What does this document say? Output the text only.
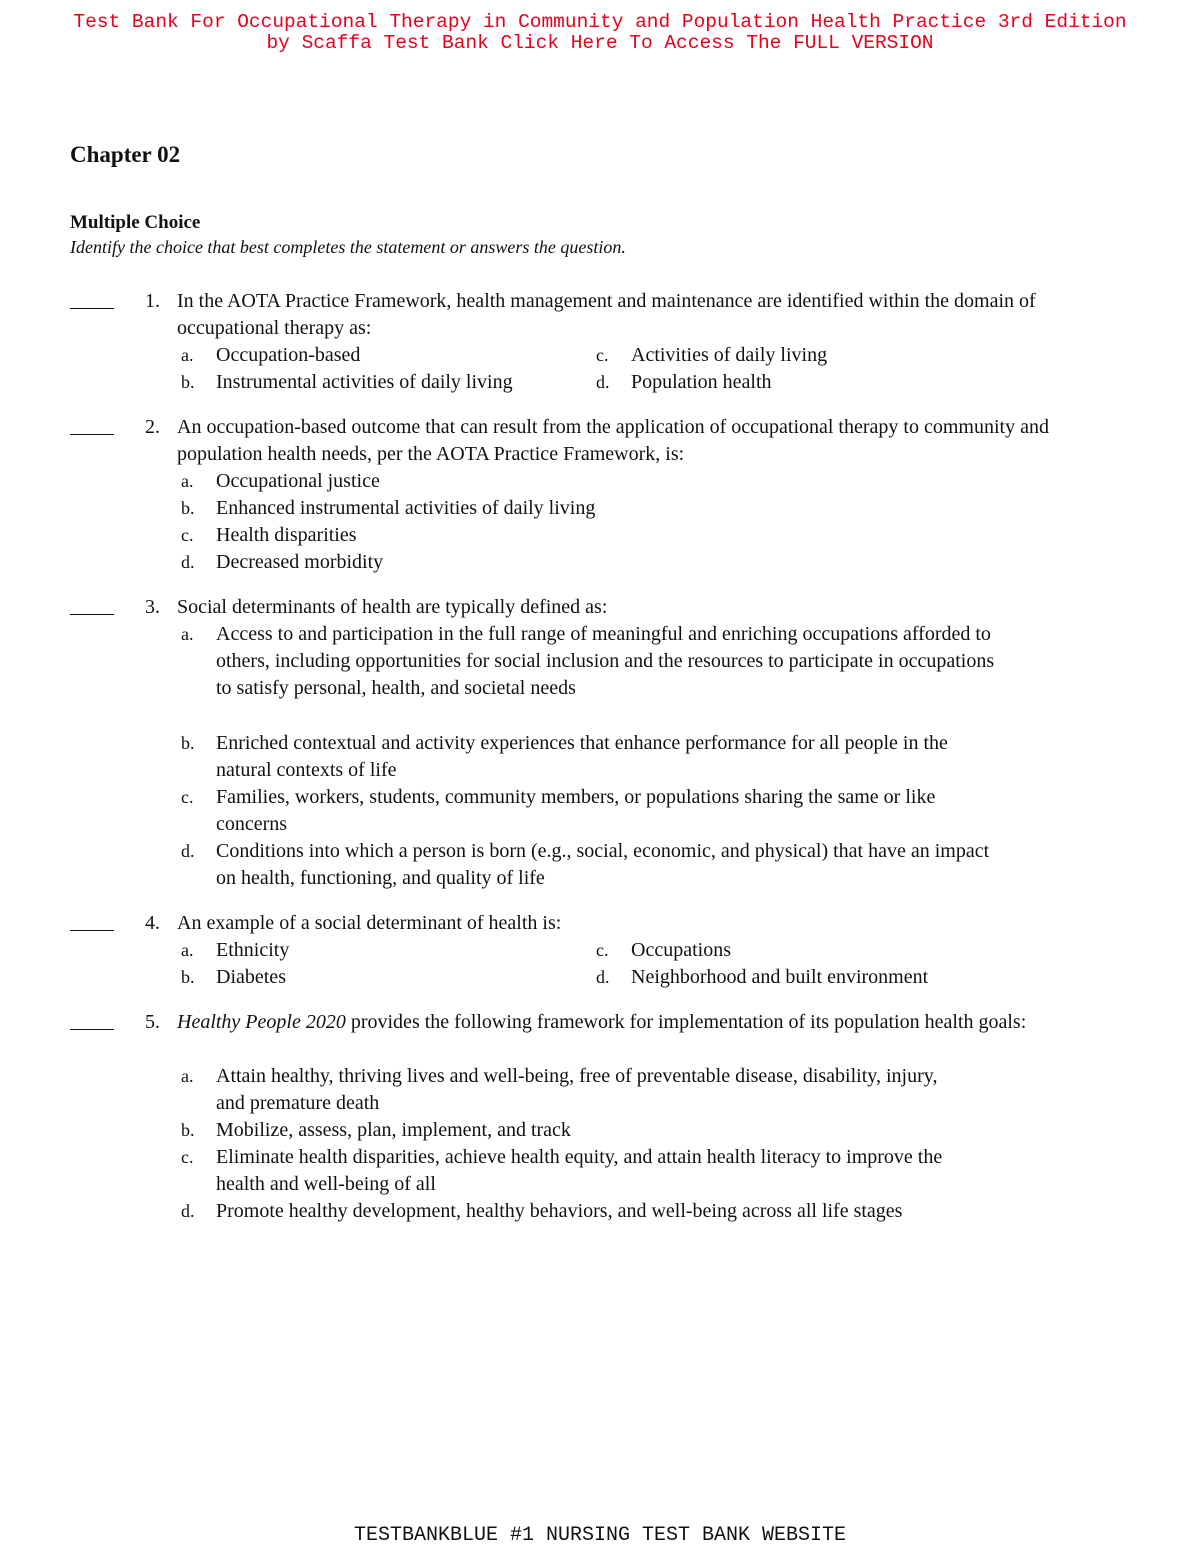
Test Bank For Occupational Therapy in Community and Population Health Practice 3rd Edition
by Scaffa Test Bank Click Here To Access The FULL VERSION
Chapter 02
Multiple Choice

Identify the choice that best completes the statement or answers the question.

1. In the AOTA Practice Framework, health management and maintenance are identified within the domain of occupational therapy as:
a. Occupation-based
b. Instrumental activities of daily living
c. Activities of daily living
d. Population health
2. An occupation-based outcome that can result from the application of occupational therapy to community and population health needs, per the AOTA Practice Framework, is:
a. Occupational justice
b. Enhanced instrumental activities of daily living
c. Health disparities
d. Decreased morbidity
3. Social determinants of health are typically defined as:
a. Access to and participation in the full range of meaningful and enriching occupations afforded to others, including opportunities for social inclusion and the resources to participate in occupations to satisfy personal, health, and societal needs
b. Enriched contextual and activity experiences that enhance performance for all people in the natural contexts of life
c. Families, workers, students, community members, or populations sharing the same or like concerns
d. Conditions into which a person is born (e.g., social, economic, and physical) that have an impact on health, functioning, and quality of life
4. An example of a social determinant of health is:
a. Ethnicity
b. Diabetes
c. Occupations
d. Neighborhood and built environment
5. Healthy People 2020 provides the following framework for implementation of its population health goals:
a. Attain healthy, thriving lives and well-being, free of preventable disease, disability, injury, and premature death
b. Mobilize, assess, plan, implement, and track
c. Eliminate health disparities, achieve health equity, and attain health literacy to improve the health and well-being of all
d. Promote healthy development, healthy behaviors, and well-being across all life stages
TESTBANKBLUE #1 NURSING TEST BANK WEBSITE
